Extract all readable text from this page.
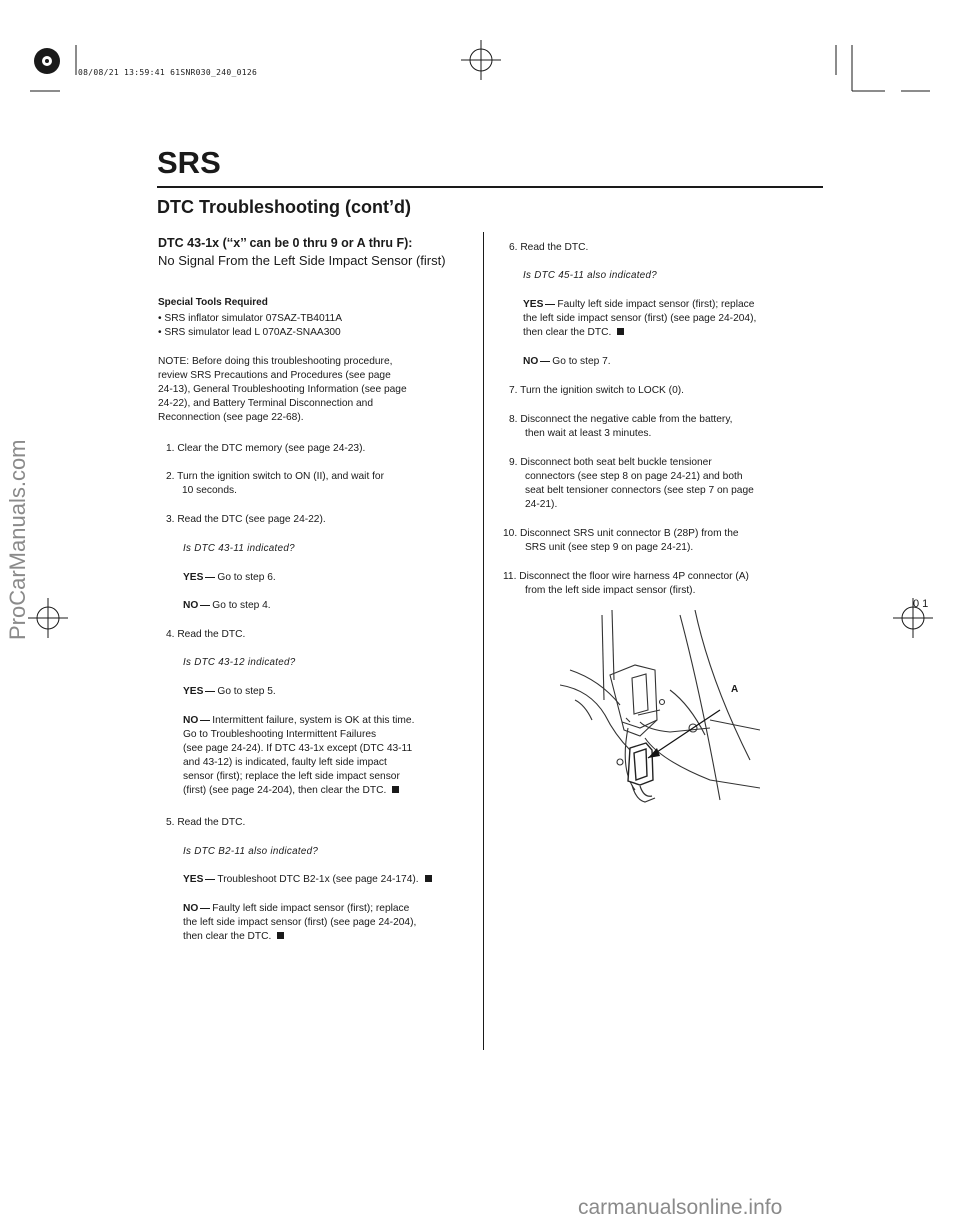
08/08/21 13:59:41 61SNR030_240_0126
SRS
DTC Troubleshooting (cont’d)
ProCarManuals.com
carmanualsonline.info
0 1
DTC 43-1x (‘‘x’’ can be 0 thru 9 or A thru F):
No Signal From the Left Side Impact Sensor (first)
Special Tools Required
• SRS inflator simulator 07SAZ-TB4011A
• SRS simulator lead L 070AZ-SNAA300
NOTE: Before doing this troubleshooting procedure,
review SRS Precautions and Procedures (see page
24-13), General Troubleshooting Information (see page
24-22), and Battery Terminal Disconnection and
Reconnection (see page 22-68).
1. Clear the DTC memory (see page 24-23).
2. Turn the ignition switch to ON (II), and wait for
10 seconds.
3. Read the DTC (see page 24-22).
Is DTC 43-11 indicated?
YES Go to step 6.
NO Go to step 4.
4. Read the DTC.
Is DTC 43-12 indicated?
YES Go to step 5.
NO Intermittent failure, system is OK at this time.
Go to Troubleshooting Intermittent Failures
(see page 24-24). If DTC 43-1x except (DTC 43-11
and 43-12) is indicated, faulty left side impact
sensor (first); replace the left side impact sensor
(first) (see page 24-204), then clear the DTC.
5. Read the DTC.
Is DTC B2-11 also indicated?
YES Troubleshoot DTC B2-1x (see page 24-174).
NO Faulty left side impact sensor (first); replace
the left side impact sensor (first) (see page 24-204),
then clear the DTC.
6. Read the DTC.
Is DTC 45-11 also indicated?
YES Faulty left side impact sensor (first); replace
the left side impact sensor (first) (see page 24-204),
then clear the DTC.
NO Go to step 7.
7. Turn the ignition switch to LOCK (0).
8. Disconnect the negative cable from the battery,
then wait at least 3 minutes.
9. Disconnect both seat belt buckle tensioner
connectors (see step 8 on page 24-21) and both
seat belt tensioner connectors (see step 7 on page
24-21).
10. Disconnect SRS unit connector B (28P) from the
SRS unit (see step 9 on page 24-21).
11. Disconnect the floor wire harness 4P connector (A)
from the left side impact sensor (first).
A
